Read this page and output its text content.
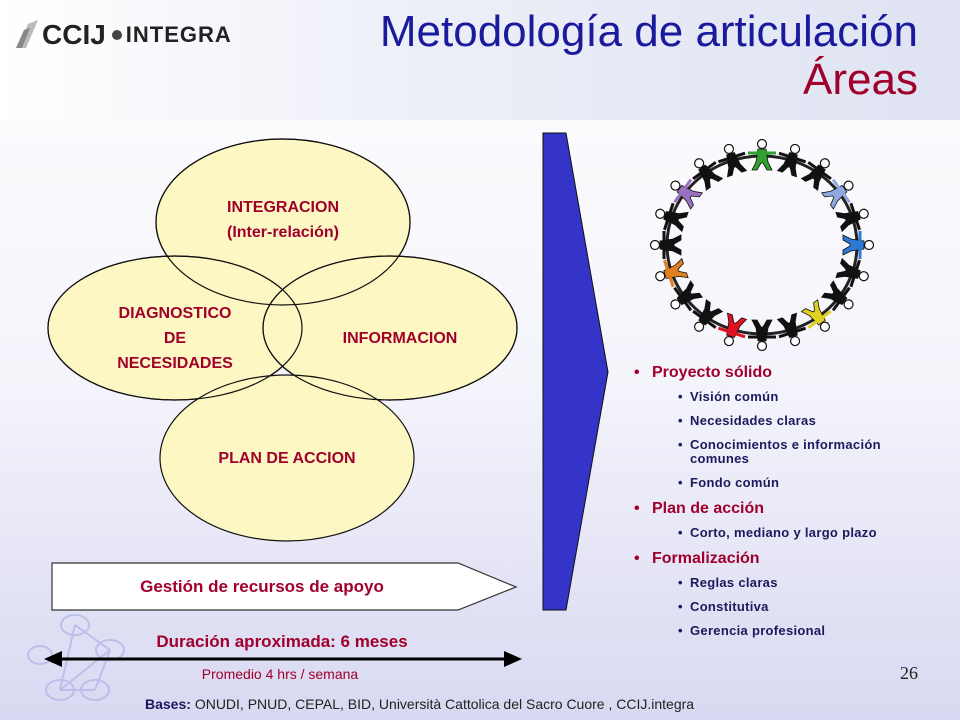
CCIJ INTEGRA	Metodología de articulación
Áreas
INTEGRACION
(Inter-relación)
DIAGNOSTICO
DE
NECESIDADES
INFORMACION
PLAN DE ACCION
Gestión de recursos de apoyo
Duración aproximada: 6 meses
Promedio 4 hrs / semana
• Proyecto sólido
• Visión común
• Necesidades claras
• Conocimientos e información comunes
• Fondo común
• Plan de acción
• Corto, mediano y largo plazo
• Formalización
• Reglas claras
• Constitutiva
• Gerencia profesional
Bases: ONUDI, PNUD, CEPAL, BID, Università Cattolica del Sacro Cuore , CCIJ.integra
26
